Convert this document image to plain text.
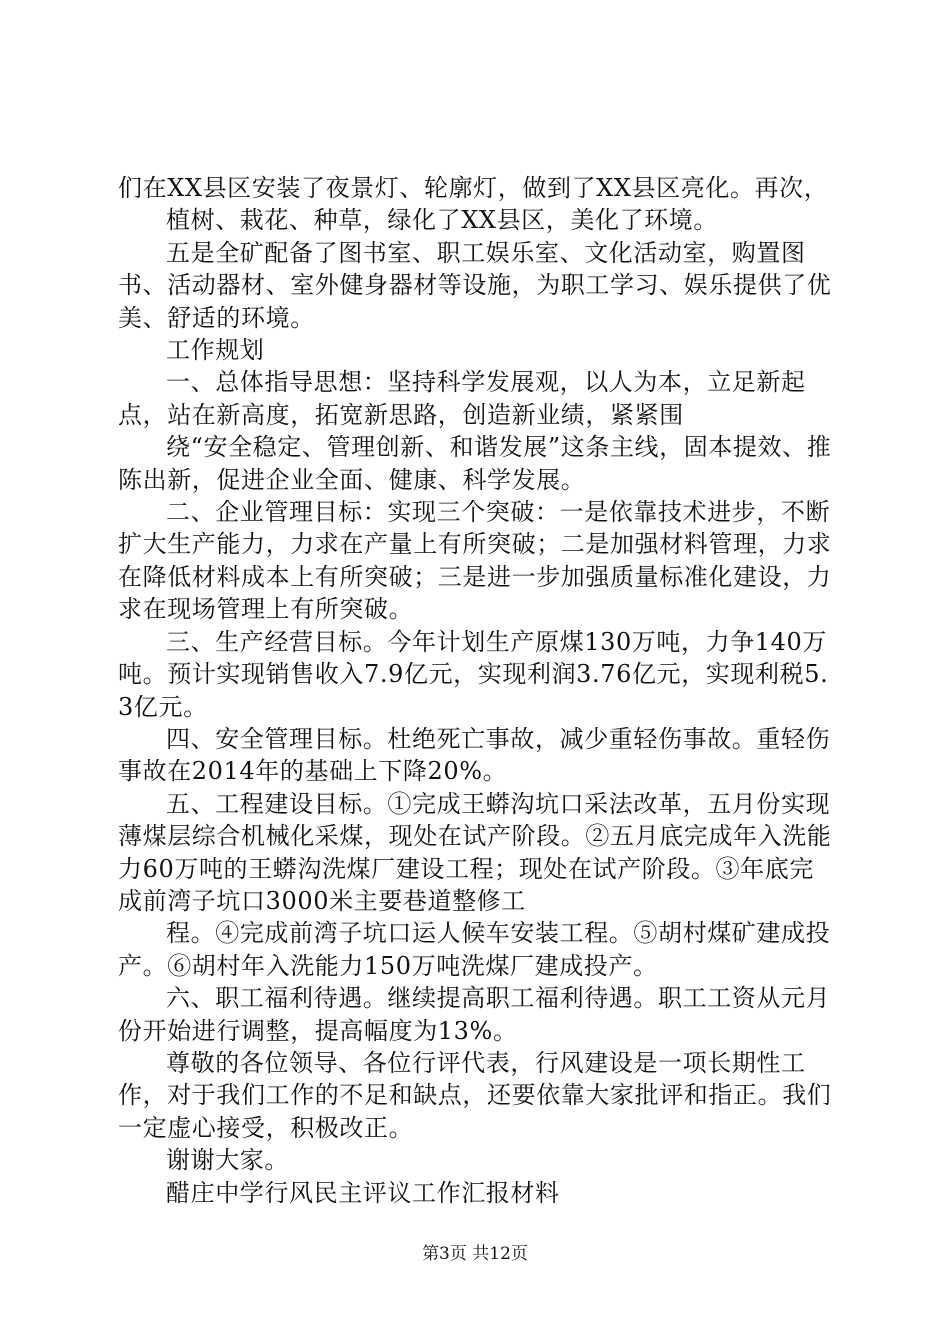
们在XX县区安装了夜景灯、轮廓灯，做到了XX县区亮化。再次，

植树、栽花、种草，绿化了XX县区，美化了环境。

五是全矿配备了图书室、职工娱乐室、文化活动室，购置图书、活动器材、室外健身器材等设施，为职工学习、娱乐提供了优美、舒适的环境。

工作规划

一、总体指导思想：坚持科学发展观，以人为本，立足新起点，站在新高度，拓宽新思路，创造新业绩，紧紧围

绕“安全稳定、管理创新、和谐发展”这条主线，固本提效、推陈出新，促进企业全面、健康、科学发展。

二、企业管理目标：实现三个突破：一是依靠技术进步，不断扩大生产能力，力求在产量上有所突破；二是加强材料管理，力求在降低材料成本上有所突破；三是进一步加强质量标准化建设，力求在现场管理上有所突破。

三、生产经营目标。今年计划生产原煤130万吨，力争140万吨。预计实现销售收入7.9亿元，实现利润3.76亿元，实现利税5.3亿元。

四、安全管理目标。杜绝死亡事故，减少重轻伤事故。重轻伤事故在2014年的基础上下降20%。

五、工程建设目标。①完成王蟒沟坑口采法改革，五月份实现薄煤层综合机械化采煤，现处在试产阶段。②五月底完成年入洗能力60万吨的王蟒沟洗煤厂建设工程；现处在试产阶段。③年底完成前湾子坑口3000米主要巷道整修工

程。④完成前湾子坑口运人候车安装工程。⑤胡村煤矿建成投产。⑥胡村年入洗能力150万吨洗煤厂建成投产。

六、职工福利待遇。继续提高职工福利待遇。职工工资从元月份开始进行调整，提高幅度为13%。

尊敬的各位领导、各位行评代表，行风建设是一项长期性工作，对于我们工作的不足和缺点，还要依靠大家批评和指正。我们一定虚心接受，积极改正。

谢谢大家。

醋庄中学行风民主评议工作汇报材料

第3页 共12页
